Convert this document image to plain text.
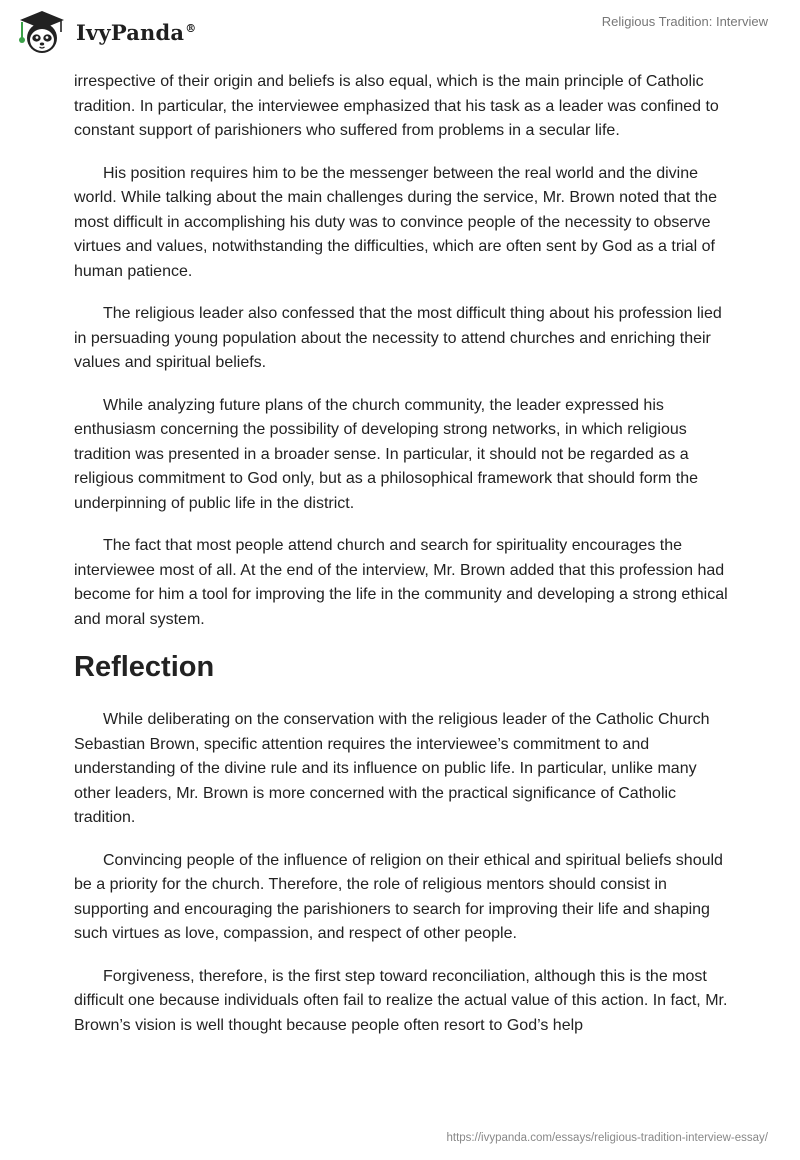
IvyPanda®	Religious Tradition: Interview

irrespective of their origin and beliefs is also equal, which is the main principle of Catholic tradition. In particular, the interviewee emphasized that his task as a leader was confined to constant support of parishioners who suffered from problems in a secular life.

His position requires him to be the messenger between the real world and the divine world. While talking about the main challenges during the service, Mr. Brown noted that the most difficult in accomplishing his duty was to convince people of the necessity to observe virtues and values, notwithstanding the difficulties, which are often sent by God as a trial of human patience.

The religious leader also confessed that the most difficult thing about his profession lied in persuading young population about the necessity to attend churches and enriching their values and spiritual beliefs.

While analyzing future plans of the church community, the leader expressed his enthusiasm concerning the possibility of developing strong networks, in which religious tradition was presented in a broader sense. In particular, it should not be regarded as a religious commitment to God only, but as a philosophical framework that should form the underpinning of public life in the district.

The fact that most people attend church and search for spirituality encourages the interviewee most of all. At the end of the interview, Mr. Brown added that this profession had become for him a tool for improving the life in the community and developing a strong ethical and moral system.

Reflection

While deliberating on the conservation with the religious leader of the Catholic Church Sebastian Brown, specific attention requires the interviewee’s commitment to and understanding of the divine rule and its influence on public life. In particular, unlike many other leaders, Mr. Brown is more concerned with the practical significance of Catholic tradition.

Convincing people of the influence of religion on their ethical and spiritual beliefs should be a priority for the church. Therefore, the role of religious mentors should consist in supporting and encouraging the parishioners to search for improving their life and shaping such virtues as love, compassion, and respect of other people.

Forgiveness, therefore, is the first step toward reconciliation, although this is the most difficult one because individuals often fail to realize the actual value of this action. In fact, Mr. Brown’s vision is well thought because people often resort to God’s help

https://ivypanda.com/essays/religious-tradition-interview-essay/
